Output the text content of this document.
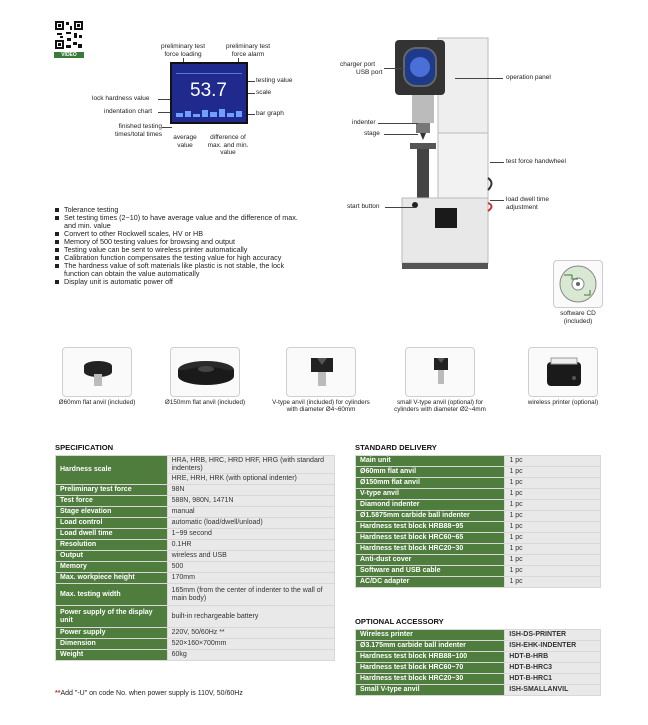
VIDEO
preliminary test force loading
preliminary test force alarm
53.7	testing value
scale
bar graph
lock hardness value
indentation chart
finished testing times/total times	average value
difference of max. and min. value
charger port
USB port
operation panel
indenter
stage
test force handwheel
start button
load dwell time adjustment
Tolerance testing
Set testing times (2~10) to have average value and the difference of max. and min. value
Convert to other Rockwell scales, HV or HB
Memory of 500 testing values for browsing and output
Testing value can be sent to wireless printer automatically
Calibration function compensates the testing value for high accuracy
The hardness value of soft materials like plastic is not stable, the lock function can obtain the value automatically
Display unit is automatic power off
software CD (included)
Ø60mm flat anvil (included)	Ø150mm flat anvil (included)	V-type anvil (included) for cylinders with diameter Ø4~60mm
small V-type anvil (optional) for cylinders with diameter Ø2~4mm
wireless printer (optional)
SPECIFICATION
Hardness scale	HRA, HRB, HRC, HRD HRF, HRG (with standard indenters)
	HRE, HRH, HRK (with optional indenter)
Preliminary test force	98N
Test force	588N, 980N, 1471N
Stage elevation	manual
Load control	automatic (load/dwell/unload)
Load dwell time	1~99 second
Resolution	0.1HR
Output	wireless and USB
Memory	500
Max. workpiece height	170mm
Max. testing width	165mm (from the center of indenter to the wall of main body)
Power supply of the display unit	built-in rechargeable battery
Power supply	220V, 50/60Hz **
Dimension	520×160×700mm
Weight	60kg
**Add "-U" on code No. when power supply is 110V, 50/60Hz
STANDARD DELIVERY
Main unit	1 pc
Ø60mm flat anvil	1 pc
Ø150mm flat anvil	1 pc
V-type anvil	1 pc
Diamond indenter	1 pc
Ø1.5875mm carbide ball indenter	1 pc
Hardness test block HRB88~95	1 pc
Hardness test block HRC60~65	1 pc
Hardness test block HRC20~30	1 pc
Anti-dust cover	1 pc
Software and USB cable	1 pc
AC/DC adapter	1 pc
OPTIONAL ACCESSORY
Wireless printer	ISH-DS-PRINTER
Ø3.175mm carbide ball indenter	ISH-EHK-INDENTER
Hardness test block HRB88~100	HDT-B-HRB
Hardness test block HRC60~70	HDT-B-HRC3
Hardness test block HRC20~30	HDT-B-HRC1
Small V-type anvil	ISH-SMALLANVIL
